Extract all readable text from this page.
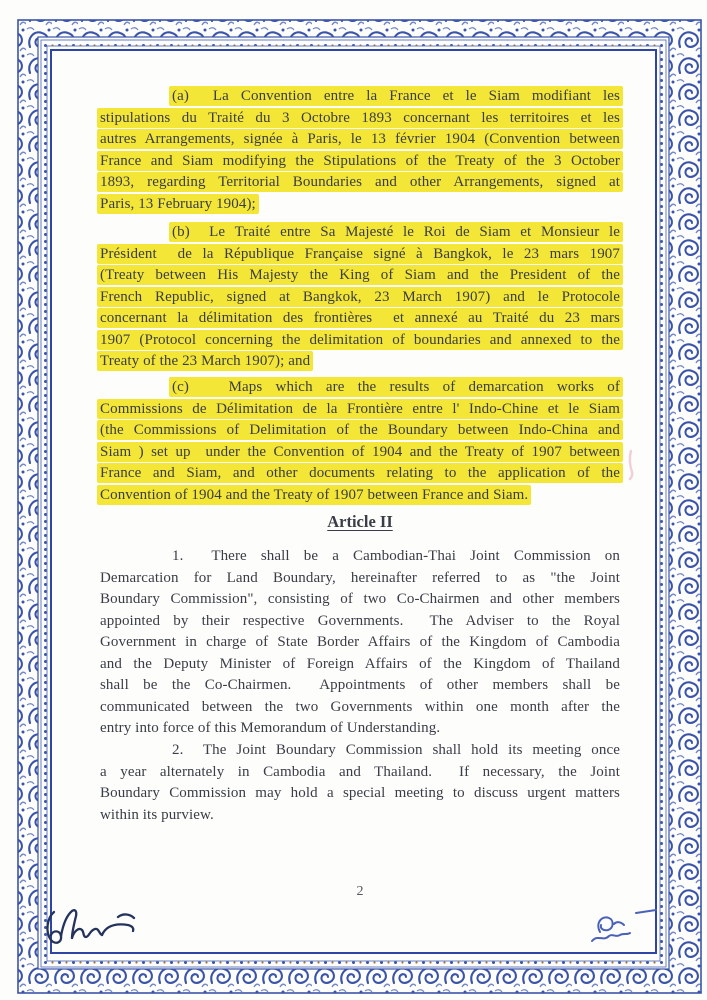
(a)  La Convention entre la France et le Siam modifiant les
stipulations du Traité du 3 Octobre 1893 concernant les territoires et les
autres Arrangements, signée à Paris, le 13 février 1904 (Convention between
France and Siam modifying the Stipulations of the Treaty of the 3 October
1893, regarding Territorial Boundaries and other Arrangements, signed at
Paris, 13 February 1904);
(b)  Le Traité entre Sa Majesté le Roi de Siam et Monsieur le
Président  de la République Française signé à Bangkok, le 23 mars 1907
(Treaty between His Majesty the King of Siam and the President of the
French Republic, signed at Bangkok, 23 March 1907) and le Protocole
concernant la délimitation des frontières  et annexé au Traité du 23 mars
1907 (Protocol concerning the delimitation of boundaries and annexed to the
Treaty of the 23 March 1907); and
(c)   Maps which are the results of demarcation works of
Commissions de Délimitation de la Frontière entre l' Indo-Chine et le Siam
(the Commissions of Delimitation of the Boundary between Indo-China and
Siam ) set up  under the Convention of 1904 and the Treaty of 1907 between
France and Siam, and other documents relating to the application of the
Convention of 1904 and the Treaty of 1907 between France and Siam.
Article II
1.  There shall be a Cambodian-Thai Joint Commission on
Demarcation for Land Boundary, hereinafter referred to as "the Joint
Boundary Commission", consisting of two Co-Chairmen and other members
appointed by their respective Governments.  The Adviser to the Royal
Government in charge of State Border Affairs of the Kingdom of Cambodia
and the Deputy Minister of Foreign Affairs of the Kingdom of Thailand
shall be the Co-Chairmen.  Appointments of other members shall be
communicated between the two Governments within one month after the
entry into force of this Memorandum of Understanding.
2.  The Joint Boundary Commission shall hold its meeting once
a year alternately in Cambodia and Thailand.  If necessary, the Joint
Boundary Commission may hold a special meeting to discuss urgent matters
within its purview.
2
